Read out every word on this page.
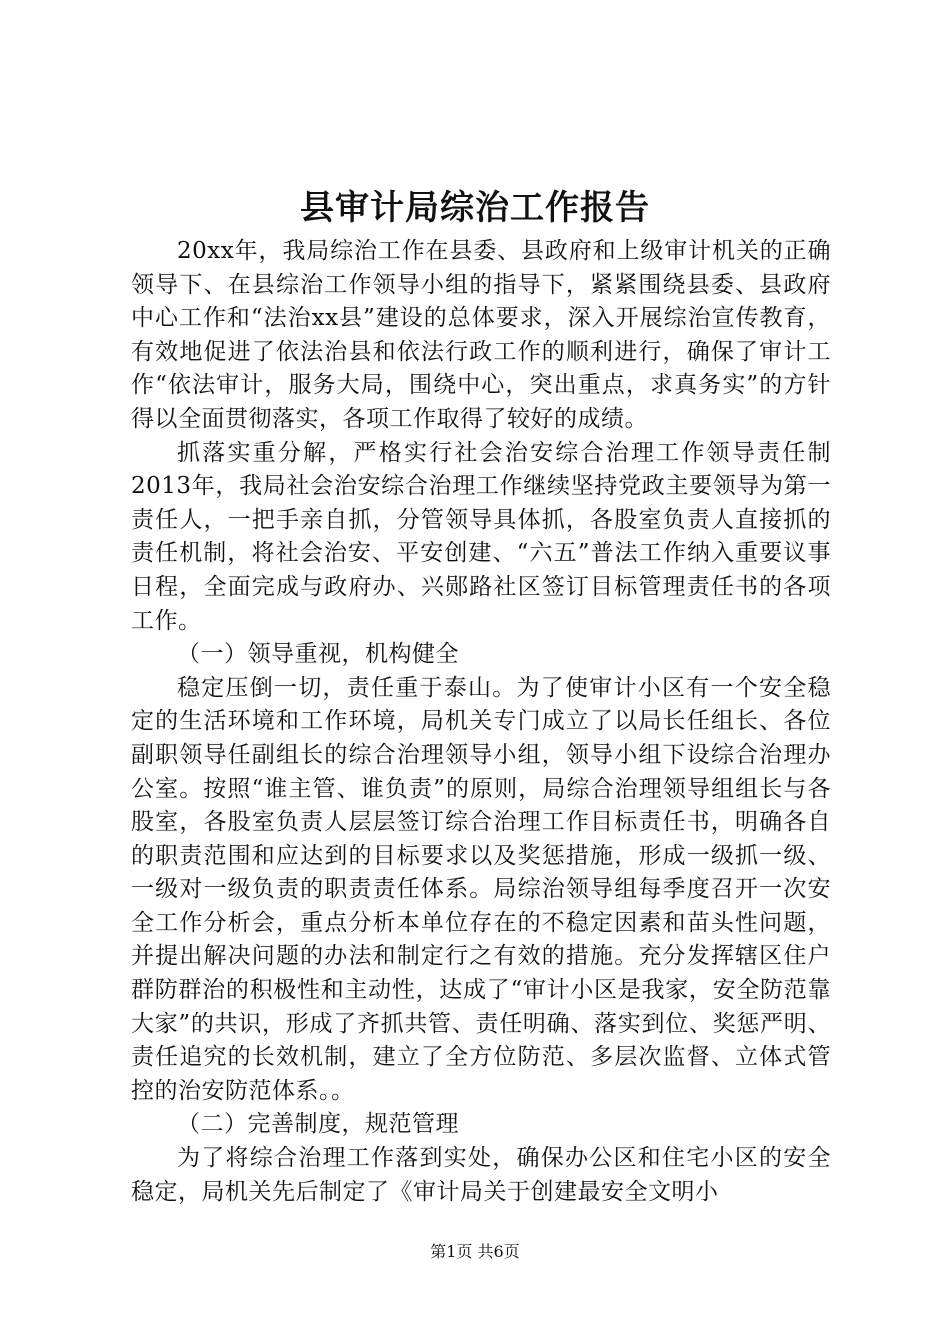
县审计局综治工作报告

20xx年，我局综治工作在县委、县政府和上级审计机关的正确领导下、在县综治工作领导小组的指导下，紧紧围绕县委、县政府中心工作和“法治xx县”建设的总体要求，深入开展综治宣传教育，有效地促进了依法治县和依法行政工作的顺利进行，确保了审计工作“依法审计，服务大局，围绕中心，突出重点，求真务实”的方针得以全面贯彻落实，各项工作取得了较好的成绩。

抓落实重分解，严格实行社会治安综合治理工作领导责任制2013年，我局社会治安综合治理工作继续坚持党政主要领导为第一责任人，一把手亲自抓，分管领导具体抓，各股室负责人直接抓的责任机制，将社会治安、平安创建、“六五”普法工作纳入重要议事日程，全面完成与政府办、兴郧路社区签订目标管理责任书的各项工作。

（一）领导重视，机构健全

稳定压倒一切，责任重于泰山。为了使审计小区有一个安全稳定的生活环境和工作环境，局机关专门成立了以局长任组长、各位副职领导任副组长的综合治理领导小组，领导小组下设综合治理办公室。按照“谁主管、谁负责”的原则，局综合治理领导组组长与各股室，各股室负责人层层签订综合治理工作目标责任书，明确各自的职责范围和应达到的目标要求以及奖惩措施，形成一级抓一级、一级对一级负责的职责责任体系。局综治领导组每季度召开一次安全工作分析会，重点分析本单位存在的不稳定因素和苗头性问题，并提出解决问题的办法和制定行之有效的措施。充分发挥辖区住户群防群治的积极性和主动性，达成了“审计小区是我家，安全防范靠大家”的共识，形成了齐抓共管、责任明确、落实到位、奖惩严明、责任追究的长效机制，建立了全方位防范、多层次监督、立体式管控的治安防范体系。。

（二）完善制度，规范管理

为了将综合治理工作落到实处，确保办公区和住宅小区的安全稳定，局机关先后制定了《审计局关于创建最安全文明小

第1页 共6页
